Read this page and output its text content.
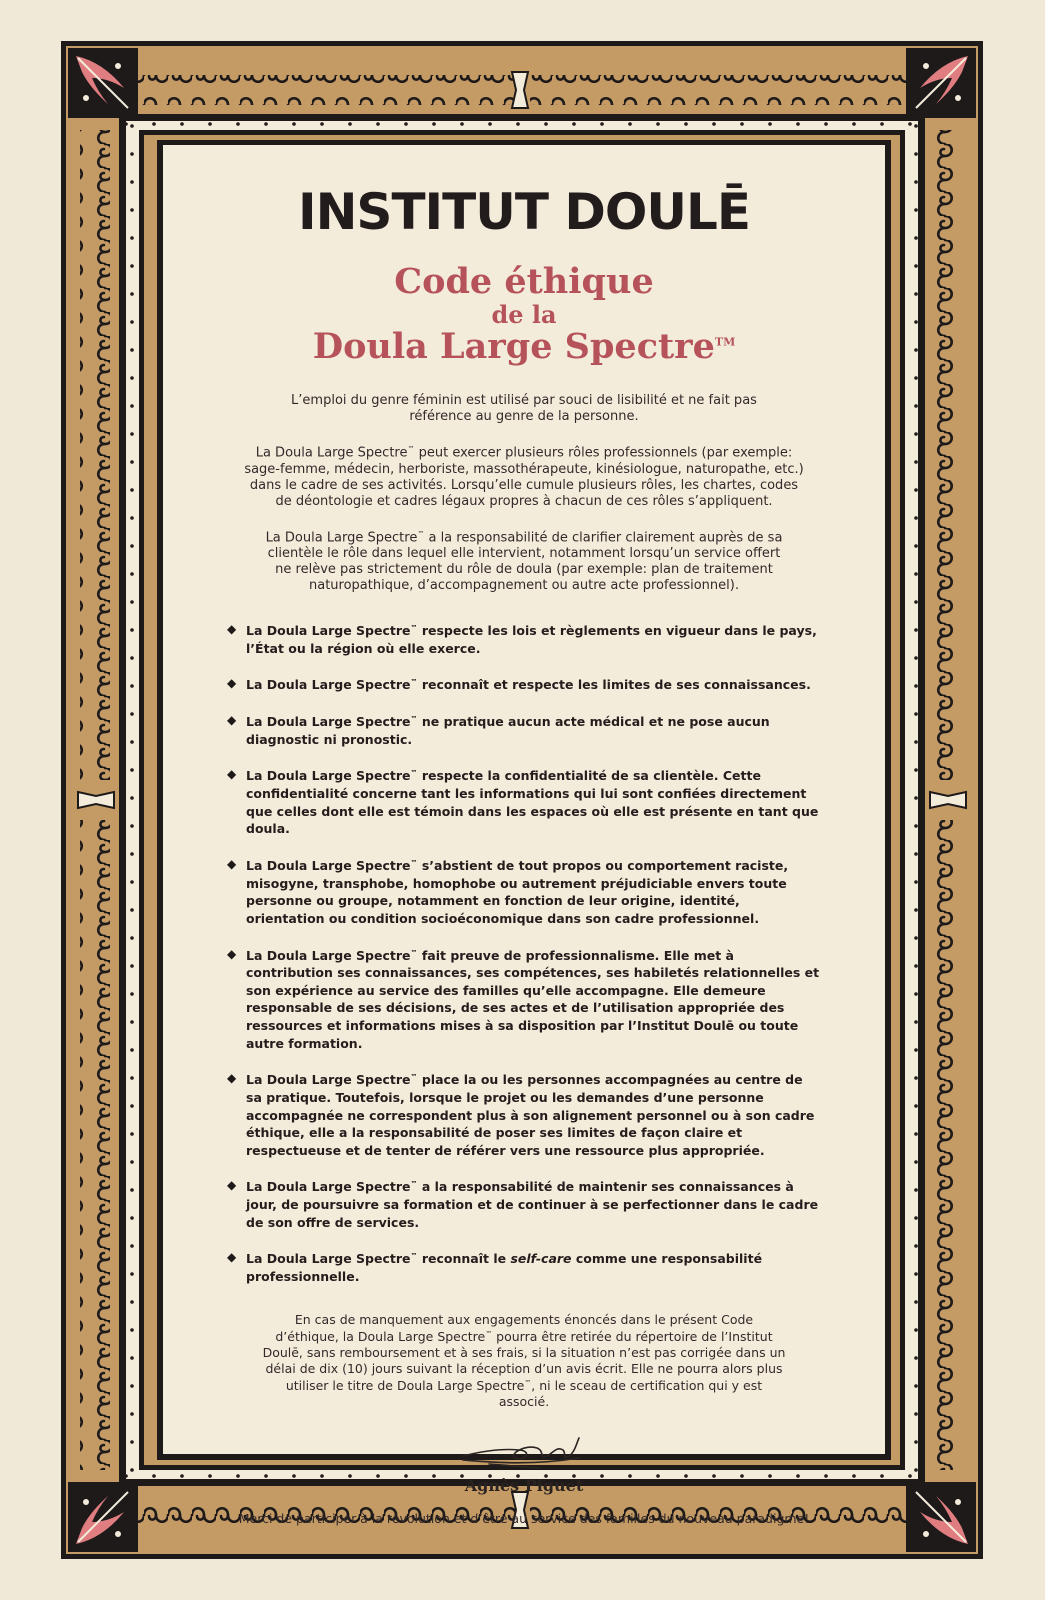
INSTITUT DOULĒ
Code éthique
de la
Doula Large Spectre™

L’emploi du genre féminin est utilisé par souci de lisibilité et ne fait pas référence au genre de la personne.

La Doula Large Spectre™ peut exercer plusieurs rôles professionnels (par exemple: sage-femme, médecin, herboriste, massothérapeute, kinésiologue, naturopathe, etc.) dans le cadre de ses activités. Lorsqu’elle cumule plusieurs rôles, les chartes, codes de déontologie et cadres légaux propres à chacun de ces rôles s’appliquent.

La Doula Large Spectre™ a la responsabilité de clarifier clairement auprès de sa clientèle le rôle dans lequel elle intervient, notamment lorsqu’un service offert ne relève pas strictement du rôle de doula (par exemple: plan de traitement naturopathique, d’accompagnement ou autre acte professionnel).

◆ La Doula Large Spectre™ respecte les lois et règlements en vigueur dans le pays, l’État ou la région où elle exerce.
◆ La Doula Large Spectre™ reconnaît et respecte les limites de ses connaissances.
◆ La Doula Large Spectre™ ne pratique aucun acte médical et ne pose aucun diagnostic ni pronostic.
◆ La Doula Large Spectre™ respecte la confidentialité de sa clientèle. Cette confidentialité concerne tant les informations qui lui sont confiées directement que celles dont elle est témoin dans les espaces où elle est présente en tant que doula.
◆ La Doula Large Spectre™ s’abstient de tout propos ou comportement raciste, misogyne, transphobe, homophobe ou autrement préjudiciable envers toute personne ou groupe, notamment en fonction de leur origine, identité, orientation ou condition socioéconomique dans son cadre professionnel.
◆ La Doula Large Spectre™ fait preuve de professionnalisme. Elle met à contribution ses connaissances, ses compétences, ses habiletés relationnelles et son expérience au service des familles qu’elle accompagne. Elle demeure responsable de ses décisions, de ses actes et de l’utilisation appropriée des ressources et informations mises à sa disposition par l’Institut Doulē ou toute autre formation.
◆ La Doula Large Spectre™ place la ou les personnes accompagnées au centre de sa pratique. Toutefois, lorsque le projet ou les demandes d’une personne accompagnée ne correspondent plus à son alignement personnel ou à son cadre éthique, elle a la responsabilité de poser ses limites de façon claire et respectueuse et de tenter de référer vers une ressource plus appropriée.
◆ La Doula Large Spectre™ a la responsabilité de maintenir ses connaissances à jour, de poursuivre sa formation et de continuer à se perfectionner dans le cadre de son offre de services.
◆ La Doula Large Spectre™ reconnaît le self-care comme une responsabilité professionnelle.

En cas de manquement aux engagements énoncés dans le présent Code d’éthique, la Doula Large Spectre™ pourra être retirée du répertoire de l’Institut Doulē, sans remboursement et à ses frais, si la situation n’est pas corrigée dans un délai de dix (10) jours suivant la réception d’un avis écrit. Elle ne pourra alors plus utiliser le titre de Doula Large Spectre™, ni le sceau de certification qui y est associé.

Agnès Piguet
Merci de participer à la révolution et d’être au service des familles du nouveau paradigme!
